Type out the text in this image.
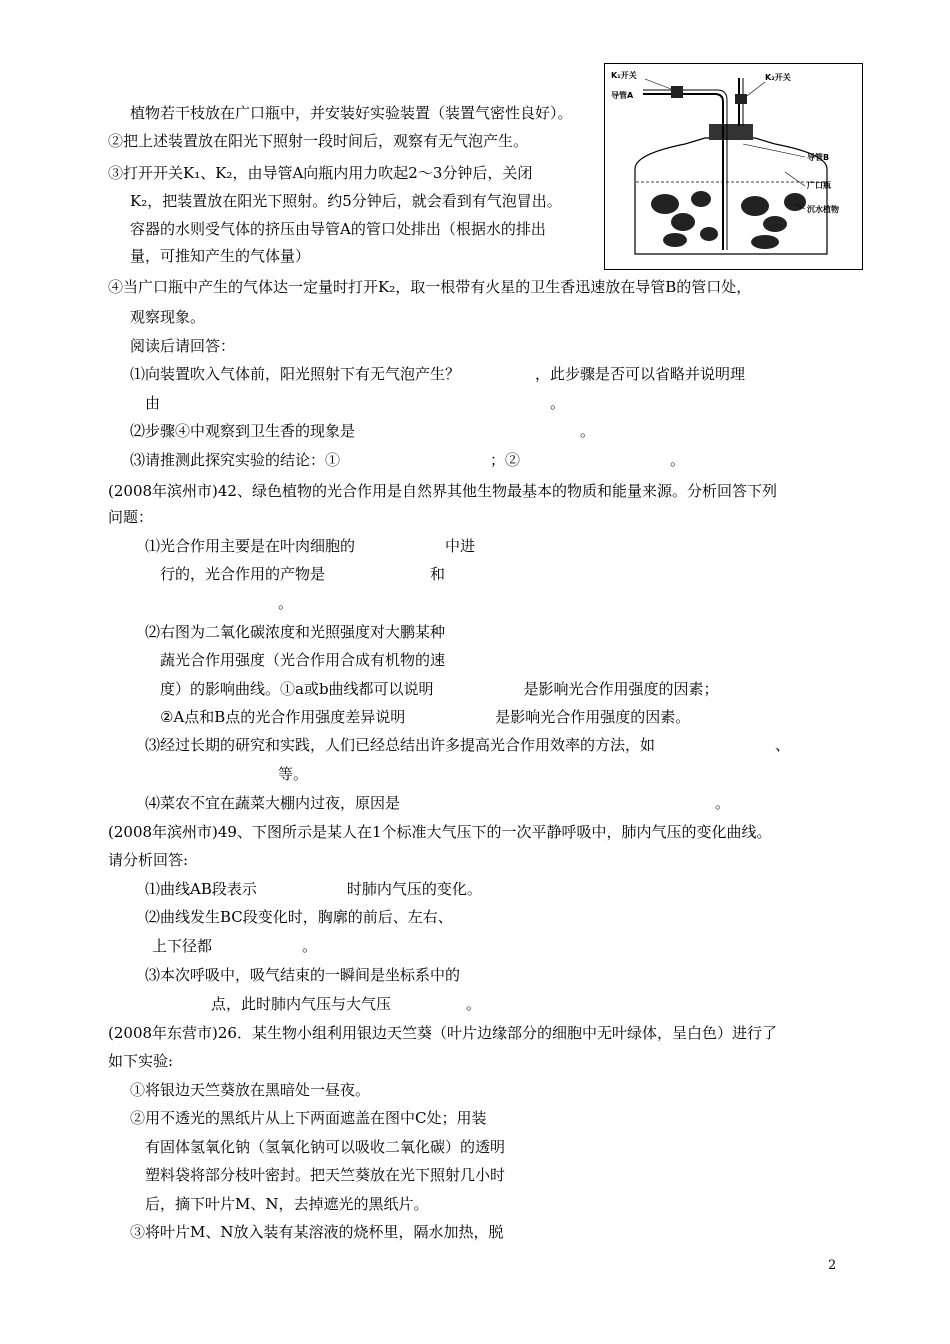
植物若干枝放在广口瓶中，并安装好实验装置（装置气密性良好）。
②把上述装置放在阳光下照射一段时间后，观察有无气泡产生。
③打开开关K₁、K₂，由导管A向瓶内用力吹起2～3分钟后，关闭
K₂，把装置放在阳光下照射。约5分钟后，就会看到有气泡冒出。
容器的水则受气体的挤压由导管A的管口处排出（根据水的排出
量，可推知产生的气体量）
④当广口瓶中产生的气体达一定量时打开K₂，取一根带有火星的卫生香迅速放在导管B的管口处，
观察现象。
阅读后请回答：
⑴向装置吹入气体前，阳光照射下有无气泡产生？　　　　　，此步骤是否可以省略并说明理
由　　　　　　　　　　　　　　　　　　　　　　　　　　。
⑵步骤④中观察到卫生香的现象是　　　　　　　　　　　　　　　。
⑶请推测此探究实验的结论：①　　　　　　　　　　；②　　　　　　　　　　。
(2008年滨州市)42、绿色植物的光合作用是自然界其他生物最基本的物质和能量来源。分析回答下列
问题：
⑴光合作用主要是在叶肉细胞的　　　　　　中进
行的，光合作用的产物是　　　　　　　和
。
⑵右图为二氧化碳浓度和光照强度对大鹏某种
蔬光合作用强度（光合作用合成有机物的速
度）的影响曲线。①a或b曲线都可以说明　　　　　　是影响光合作用强度的因素；
②A点和B点的光合作用强度差异说明　　　　　　是影响光合作用强度的因素。
⑶经过长期的研究和实践，人们已经总结出许多提高光合作用效率的方法，如　　　　　　　　、
等。
⑷菜农不宜在蔬菜大棚内过夜，原因是　　　　　　　　　　　　　　　　　　　　　。
(2008年滨州市)49、下图所示是某人在1个标准大气压下的一次平静呼吸中，肺内气压的变化曲线。
请分析回答:
⑴曲线AB段表示　　　　　　时肺内气压的变化。
⑵曲线发生BC段变化时，胸廓的前后、左右、
上下径都　　　　　　。
⑶本次呼吸中，吸气结束的一瞬间是坐标系中的
点，此时肺内气压与大气压　　　　　。
(2008年东营市)26．某生物小组利用银边天竺葵（叶片边缘部分的细胞中无叶绿体，呈白色）进行了
如下实验:
①将银边天竺葵放在黑暗处一昼夜。
②用不透光的黑纸片从上下两面遮盖在图中C处；用装
有固体氢氧化钠（氢氧化钠可以吸收二氧化碳）的透明
塑料袋将部分枝叶密封。把天竺葵放在光下照射几小时
后，摘下叶片M、N，去掉遮光的黑纸片。
③将叶片M、N放入装有某溶液的烧杯里，隔水加热，脱
K₁开关
导管A
K₂开关
导管B
广口瓶
沉水植物
2
